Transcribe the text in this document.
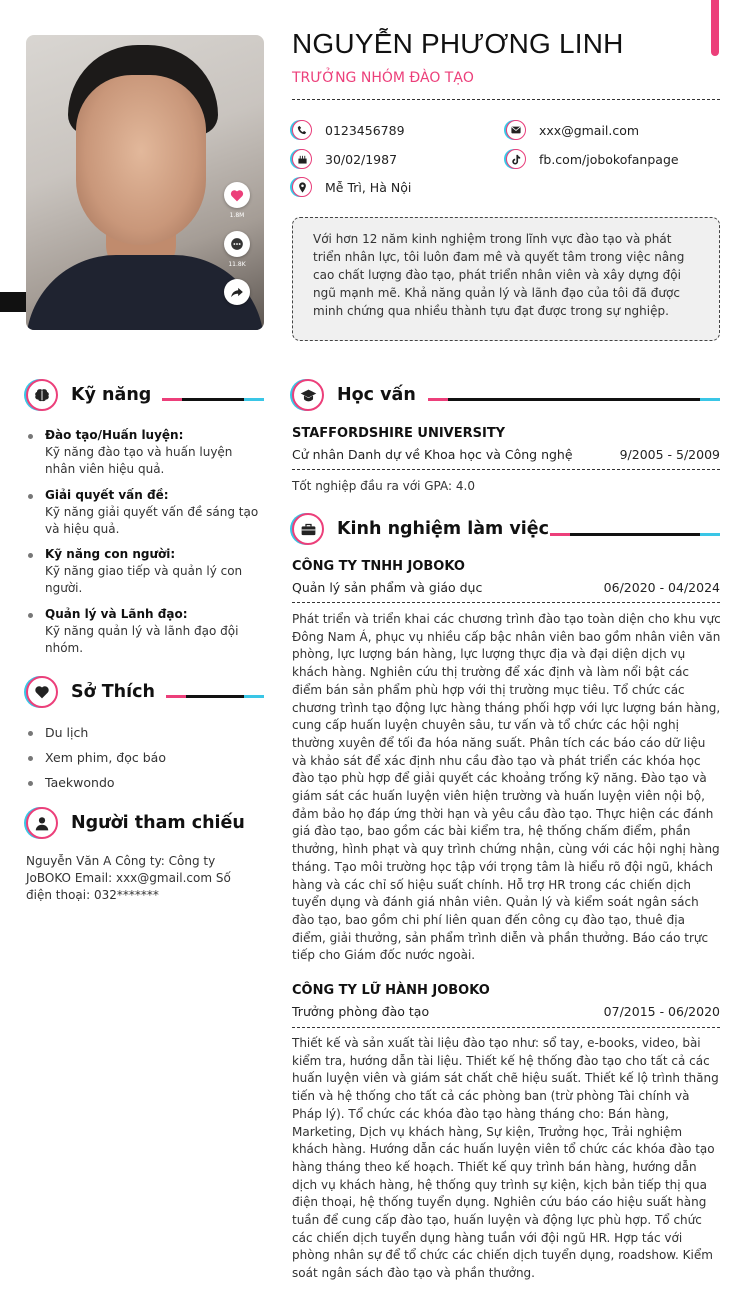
1.8M
11.8K
NGUYỄN PHƯƠNG LINH
TRƯỞNG NHÓM ĐÀO TẠO
0123456789	xxx@gmail.com
30/02/1987	fb.com/jobokofanpage
Mễ Trì, Hà Nội
Với hơn 12 năm kinh nghiệm trong lĩnh vực đào tạo và phát triển nhân lực, tôi luôn đam mê và quyết tâm trong việc nâng cao chất lượng đào tạo, phát triển nhân viên và xây dựng đội ngũ mạnh mẽ. Khả năng quản lý và lãnh đạo của tôi đã được minh chứng qua nhiều thành tựu đạt được trong sự nghiệp.
Kỹ năng
Đào tạo/Huấn luyện:
Kỹ năng đào tạo và huấn luyện nhân viên hiệu quả.
Giải quyết vấn đề:
Kỹ năng giải quyết vấn đề sáng tạo và hiệu quả.
Kỹ năng con người:
Kỹ năng giao tiếp và quản lý con người.
Quản lý và Lãnh đạo:
Kỹ năng quản lý và lãnh đạo đội nhóm.
Sở Thích
Du lịch
Xem phim, đọc báo
Taekwondo
Người tham chiếu
Nguyễn Văn A Công ty: Công ty JoBOKO Email: xxx@gmail.com Số điện thoại: 032*******
Học vấn
STAFFORDSHIRE UNIVERSITY
Cử nhân Danh dự về Khoa học và Công nghệ	9/2005 - 5/2009
Tốt nghiệp đầu ra với GPA: 4.0
Kinh nghiệm làm việc
CÔNG TY TNHH JOBOKO
Quản lý sản phẩm và giáo dục	06/2020 - 04/2024
Phát triển và triển khai các chương trình đào tạo toàn diện cho khu vực Đông Nam Á, phục vụ nhiều cấp bậc nhân viên bao gồm nhân viên văn phòng, lực lượng bán hàng, lực lượng thực địa và đại diện dịch vụ khách hàng. Nghiên cứu thị trường để xác định và làm nổi bật các điểm bán sản phẩm phù hợp với thị trường mục tiêu. Tổ chức các chương trình tạo động lực hàng tháng phối hợp với lực lượng bán hàng, cung cấp huấn luyện chuyên sâu, tư vấn và tổ chức các hội nghị thường xuyên để tối đa hóa năng suất. Phân tích các báo cáo dữ liệu và khảo sát để xác định nhu cầu đào tạo và phát triển các khóa học đào tạo phù hợp để giải quyết các khoảng trống kỹ năng. Đào tạo và giám sát các huấn luyện viên hiện trường và huấn luyện viên nội bộ, đảm bảo họ đáp ứng thời hạn và yêu cầu đào tạo. Thực hiện các đánh giá đào tạo, bao gồm các bài kiểm tra, hệ thống chấm điểm, phần thưởng, hình phạt và quy trình chứng nhận, cùng với các hội nghị hàng tháng. Tạo môi trường học tập với trọng tâm là hiểu rõ đội ngũ, khách hàng và các chỉ số hiệu suất chính. Hỗ trợ HR trong các chiến dịch tuyển dụng và đánh giá nhân viên. Quản lý và kiểm soát ngân sách đào tạo, bao gồm chi phí liên quan đến công cụ đào tạo, thuê địa điểm, giải thưởng, sản phẩm trình diễn và phần thưởng. Báo cáo trực tiếp cho Giám đốc nước ngoài.
CÔNG TY LỮ HÀNH JOBOKO
Trưởng phòng đào tạo	07/2015 - 06/2020
Thiết kế và sản xuất tài liệu đào tạo như: sổ tay, e-books, video, bài kiểm tra, hướng dẫn tài liệu. Thiết kế hệ thống đào tạo cho tất cả các huấn luyện viên và giám sát chất chẽ hiệu suất. Thiết kế lộ trình thăng tiến và hệ thống cho tất cả các phòng ban (trừ phòng Tài chính và Pháp lý). Tổ chức các khóa đào tạo hàng tháng cho: Bán hàng, Marketing, Dịch vụ khách hàng, Sự kiện, Trưởng học, Trải nghiệm khách hàng. Hướng dẫn các huấn luyện viên tổ chức các khóa đào tạo hàng tháng theo kế hoạch. Thiết kế quy trình bán hàng, hướng dẫn dịch vụ khách hàng, hệ thống quy trình sự kiện, kịch bản tiếp thị qua điện thoại, hệ thống tuyển dụng. Nghiên cứu báo cáo hiệu suất hàng tuần để cung cấp đào tạo, huấn luyện và động lực phù hợp. Tổ chức các chiến dịch tuyển dụng hàng tuần với đội ngũ HR. Hợp tác với phòng nhân sự để tổ chức các chiến dịch tuyển dụng, roadshow. Kiểm soát ngân sách đào tạo và phần thưởng.
